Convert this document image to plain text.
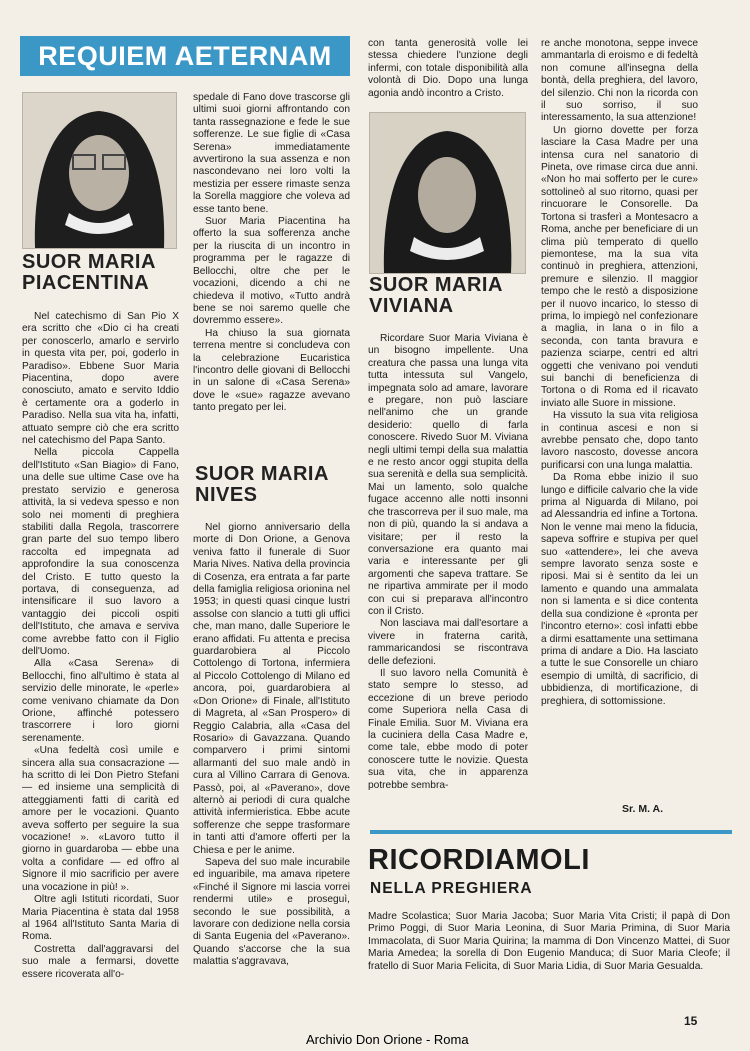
REQUIEM AETERNAM
SUOR MARIA
PIACENTINA

Nel catechismo di San Pio X era scritto che «Dio ci ha creati per conoscerlo, amarlo e servirlo in questa vita per, poi, goderlo in Paradiso». Ebbene Suor Maria Piacentina, dopo avere conosciuto, amato e servito Iddio è certamente ora a goderlo in Paradiso. Nella sua vita ha, infatti, attuato sempre ciò che era scritto nel catechismo del Papa Santo.

Nella piccola Cappella dell'Istituto «San Biagio» di Fano, una delle sue ultime Case ove ha prestato servizio e generosa attività, la si vedeva spesso e non solo nei momenti di preghiera stabiliti dalla Regola, trascorrere gran parte del suo tempo libero raccolta ed impegnata ad approfondire la sua conoscenza del Cristo. E tutto questo la portava, di conseguenza, ad intensificare il suo lavoro a vantaggio dei piccoli ospiti dell'Istituto, che amava e serviva come avrebbe fatto con il Figlio dell'Uomo.

Alla «Casa Serena» di Bellocchi, fino all'ultimo è stata al servizio delle minorate, le «perle» come venivano chiamate da Don Orione, affinché potessero trascorrere i loro giorni serenamente.

«Una fedeltà così umile e sincera alla sua consacrazione — ha scritto di lei Don Pietro Stefani — ed insieme una semplicità di atteggiamenti fatti di carità ed amore per le vocazioni. Quanto aveva sofferto per seguire la sua vocazione! ». «Lavoro tutto il giorno in guardaroba — ebbe una volta a confidare — ed offro al Signore il mio sacrificio per avere una vocazione in più! ».

Oltre agli Istituti ricordati, Suor Maria Piacentina è stata dal 1958 al 1964 all'Istituto Santa Maria di Roma.

Costretta dall'aggravarsi del suo male a fermarsi, dovette essere ricoverata all'o-

spedale di Fano dove trascorse gli ultimi suoi giorni affrontando con tanta rassegnazione e fede le sue sofferenze. Le sue figlie di «Casa Serena» immediatamente avvertirono la sua assenza e non nascondevano nei loro volti la mestizia per essere rimaste senza la Sorella maggiore che voleva ad esse tanto bene.

Suor Maria Piacentina ha offerto la sua sofferenza anche per la riuscita di un incontro in programma per le ragazze di Bellocchi, oltre che per le vocazioni, dicendo a chi ne chiedeva il motivo, «Tutto andrà bene se noi saremo quelle che dovremmo essere».

Ha chiuso la sua giornata terrena mentre si concludeva con la celebrazione Eucaristica l'incontro delle giovani di Bellocchi in un salone di «Casa Serena» dove le «sue» ragazze avevano tanto pregato per lei.

SUOR MARIA
NIVES

Nel giorno anniversario della morte di Don Orione, a Genova veniva fatto il funerale di Suor Maria Nives. Nativa della provincia di Cosenza, era entrata a far parte della famiglia religiosa orionina nel 1953; in questi quasi cinque lustri assolse con slancio a tutti gli uffici che, man mano, dalle Superiore le erano affidati. Fu attenta e precisa guardarobiera al Piccolo Cottolengo di Tortona, infermiera al Piccolo Cottolengo di Milano ed ancora, poi, guardarobiera al «Don Orione» di Finale, all'Istituto di Magreta, al «San Prospero» di Reggio Calabria, alla «Casa del Rosario» di Gavazzana. Quando comparvero i primi sintomi allarmanti del suo male andò in cura al Villino Carrara di Genova. Passò, poi, al «Paverano», dove alternò ai periodi di cura qualche attività infermieristica. Ebbe acute sofferenze che seppe trasformare in tanti atti d'amore offerti per la Chiesa e per le anime.

Sapeva del suo male incurabile ed inguaribile, ma amava ripetere «Finché il Signore mi lascia vorrei rendermi utile» e proseguì, secondo le sue possibilità, a lavorare con dedizione nella corsia di Santa Eugenia del «Paverano». Quando s'accorse che la sua malattia s'aggravava,

con tanta generosità volle lei stessa chiedere l'unzione degli infermi, con totale disponibilità alla volontà di Dio. Dopo una lunga agonia andò incontro a Cristo.

SUOR MARIA
VIVIANA

Ricordare Suor Maria Viviana è un bisogno impellente. Una creatura che passa una lunga vita tutta intessuta sul Vangelo, impegnata solo ad amare, lavorare e pregare, non può lasciare nell'animo che un grande desiderio: quello di farla conoscere. Rivedo Suor M. Viviana negli ultimi tempi della sua malattia e ne resto ancor oggi stupita della sua serenità e della sua semplicità. Mai un lamento, solo qualche fugace accenno alle notti insonni che trascorreva per il suo male, ma non di più, quando la si andava a visitare; per il resto la conversazione era quanto mai varia e interessante per gli argomenti che sapeva trattare. Se ne ripartiva ammirate per il modo con cui si preparava all'incontro con il Cristo.

Non lasciava mai dall'esortare a vivere in fraterna carità, rammaricandosi se riscontrava delle defezioni.

Il suo lavoro nella Comunità è stato sempre lo stesso, ad eccezione di un breve periodo come Superiora nella Casa di Finale Emilia. Suor M. Viviana era la cuciniera della Casa Madre e, come tale, ebbe modo di poter conoscere tutte le novizie. Questa sua vita, che in apparenza potrebbe sembra-

re anche monotona, seppe invece ammantarla di eroismo e di fedeltà non comune all'insegna della bontà, della preghiera, del lavoro, del silenzio. Chi non la ricorda con il suo sorriso, il suo interessamento, la sua attenzione!

Un giorno dovette per forza lasciare la Casa Madre per una intensa cura nel sanatorio di Pineta, ove rimase circa due anni. «Non ho mai sofferto per le cure» sottolineò al suo ritorno, quasi per rincuorare le Consorelle. Da Tortona si trasferì a Montesacro a Roma, anche per beneficiare di un clima più temperato di quello piemontese, ma la sua vita continuò in preghiera, attenzioni, premure e silenzio. Il maggior tempo che le restò a disposizione per il nuovo incarico, lo stesso di prima, lo impiegò nel confezionare a maglia, in lana o in filo a seconda, con tanta bravura e pazienza sciarpe, centri ed altri oggetti che venivano poi venduti sui banchi di beneficienza di Tortona o di Roma ed il ricavato inviato alle Suore in missione.

Ha vissuto la sua vita religiosa in continua ascesi e non si avrebbe pensato che, dopo tanto lavoro nascosto, dovesse ancora purificarsi con una lunga malattia.

Da Roma ebbe inizio il suo lungo e difficile calvario che la vide prima al Niguarda di Milano, poi ad Alessandria ed infine a Tortona. Non le venne mai meno la fiducia, sapeva soffrire e stupiva per quel suo «attendere», lei che aveva sempre lavorato senza soste e riposi. Mai si è sentito da lei un lamento e quando una ammalata non si lamenta e si dice contenta della sua condizione è «pronta per l'incontro eterno»: così infatti ebbe a dirmi esattamente una settimana prima di andare a Dio. Ha lasciato a tutte le sue Consorelle un chiaro esempio di umiltà, di sacrificio, di ubbidienza, di mortificazione, di preghiera, di sottomissione.

Sr. M. A.
RICORDIAMOLI
NELLA PREGHIERA
Madre Scolastica; Suor Maria Jacoba; Suor Maria Vita Cristi; il papà di Don Primo Poggi, di Suor Maria Leonina, di Suor Maria Primina, di Suor Maria Immacolata, di Suor Maria Quirina; la mamma di Don Vincenzo Mattei, di Suor Maria Amedea; la sorella di Don Eugenio Manduca; di Suor Maria Cleofe; il fratello di Suor Maria Felicita, di Suor Maria Lidia, di Suor Maria Gesualda.
15
Archivio Don Orione - Roma
